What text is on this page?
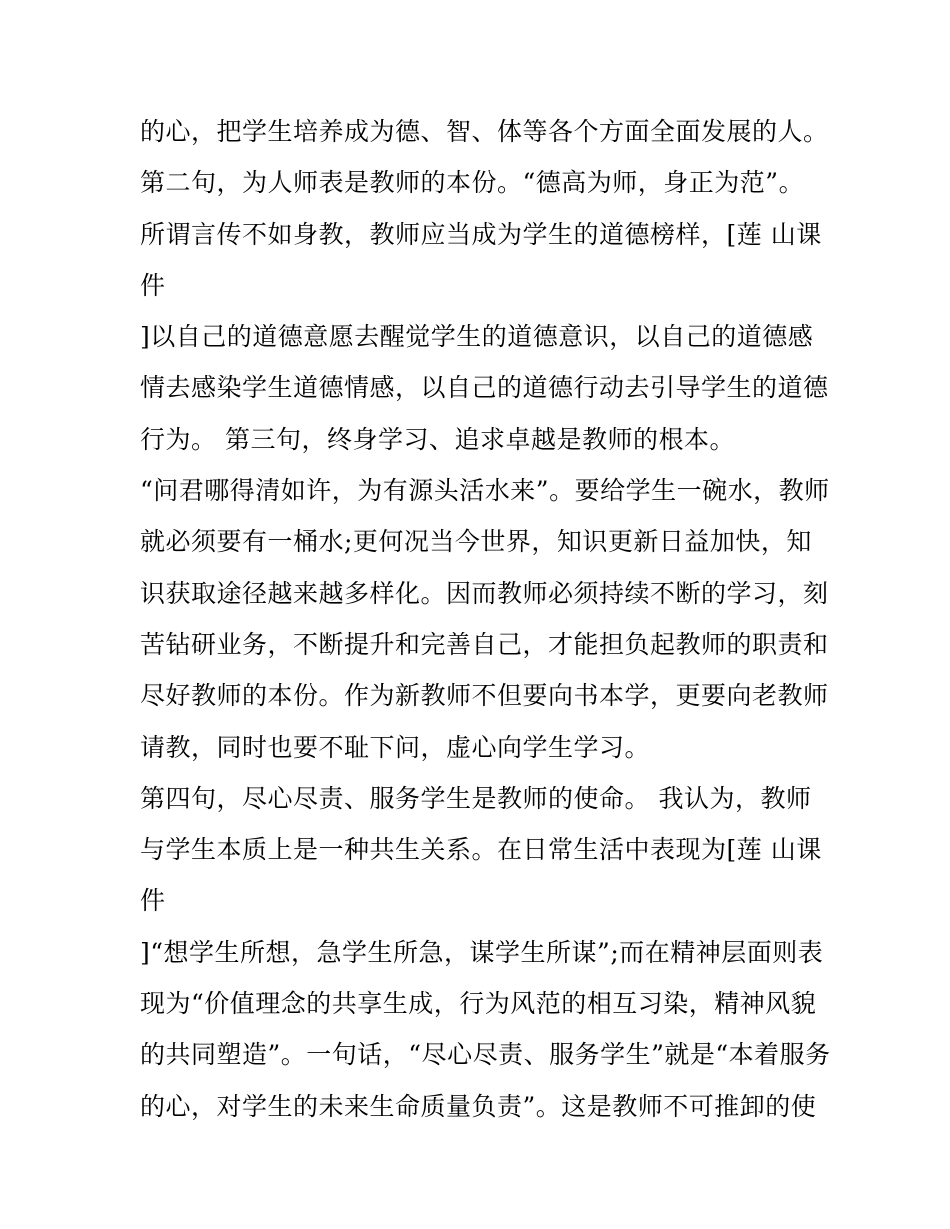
的心，把学生培养成为德、智、体等各个方面全面发展的人。
第二句，为人师表是教师的本份。“德高为师，身正为范”。
所谓言传不如身教，教师应当成为学生的道德榜样，[莲 山课
件
]以自己的道德意愿去醒觉学生的道德意识，以自己的道德感
情去感染学生道德情感，以自己的道德行动去引导学生的道德
行为。 第三句，终身学习、追求卓越是教师的根本。
“问君哪得清如许，为有源头活水来”。要给学生一碗水，教师
就必须要有一桶水;更何况当今世界，知识更新日益加快，知
识获取途径越来越多样化。因而教师必须持续不断的学习，刻
苦钻研业务，不断提升和完善自己，才能担负起教师的职责和
尽好教师的本份。作为新教师不但要向书本学，更要向老教师
请教，同时也要不耻下问，虚心向学生学习。
第四句，尽心尽责、服务学生是教师的使命。 我认为，教师
与学生本质上是一种共生关系。在日常生活中表现为[莲 山课
件
]“想学生所想，急学生所急，谋学生所谋”;而在精神层面则表
现为“价值理念的共享生成，行为风范的相互习染，精神风貌
的共同塑造”。一句话，“尽心尽责、服务学生”就是“本着服务
的心，对学生的未来生命质量负责”。这是教师不可推卸的使
